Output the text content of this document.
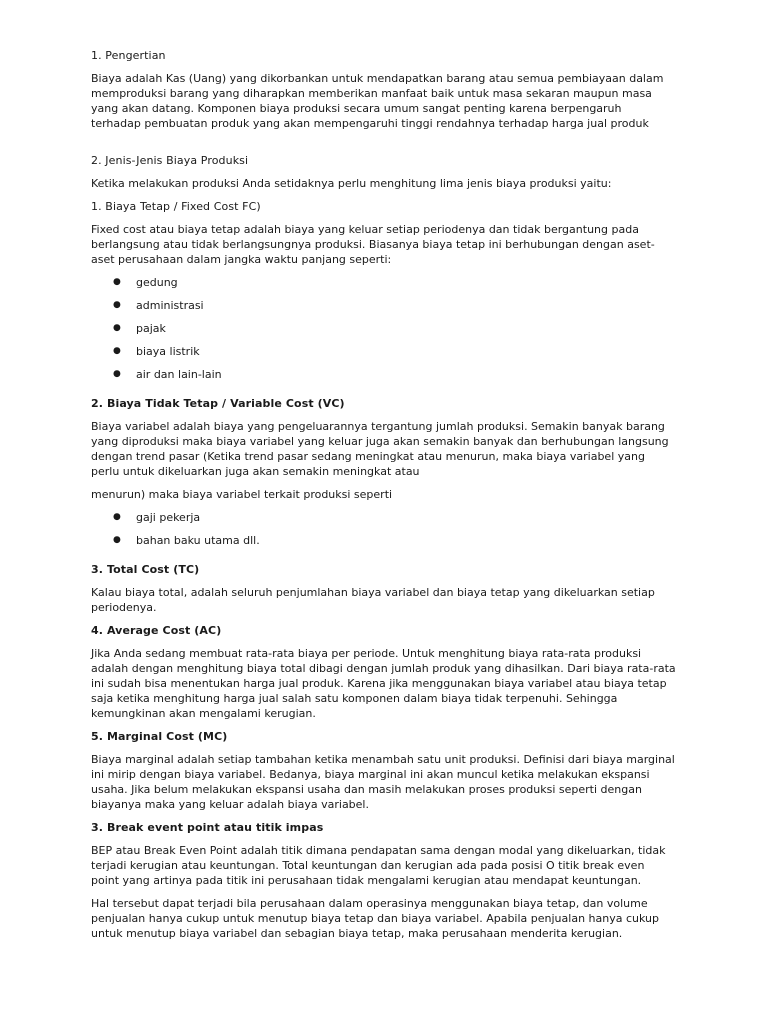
1. Pengertian
Biaya adalah Kas (Uang) yang dikorbankan untuk mendapatkan barang atau semua pembiayaan dalam
memproduksi barang yang diharapkan memberikan manfaat baik untuk masa sekaran maupun masa
yang akan datang. Komponen biaya produksi secara umum sangat penting karena berpengaruh
terhadap pembuatan produk yang akan mempengaruhi tinggi rendahnya terhadap harga jual produk
2. Jenis-Jenis Biaya Produksi
Ketika melakukan produksi Anda setidaknya perlu menghitung lima jenis biaya produksi yaitu:
1. Biaya Tetap / Fixed Cost FC)
Fixed cost atau biaya tetap adalah biaya yang keluar setiap periodenya dan tidak bergantung pada
berlangsung atau tidak berlangsungnya produksi. Biasanya biaya tetap ini berhubungan dengan aset-
aset perusahaan dalam jangka waktu panjang seperti:
● gedung
● administrasi
● pajak
● biaya listrik
● air dan lain-lain
2. Biaya Tidak Tetap / Variable Cost (VC)
Biaya variabel adalah biaya yang pengeluarannya tergantung jumlah produksi. Semakin banyak barang
yang diproduksi maka biaya variabel yang keluar juga akan semakin banyak dan berhubungan langsung
dengan trend pasar (Ketika trend pasar sedang meningkat atau menurun, maka biaya variabel yang
perlu untuk dikeluarkan juga akan semakin meningkat atau
menurun) maka biaya variabel terkait produksi seperti
● gaji pekerja
● bahan baku utama dll.
3. Total Cost (TC)
Kalau biaya total, adalah seluruh penjumlahan biaya variabel dan biaya tetap yang dikeluarkan setiap
periodenya.
4. Average Cost (AC)
Jika Anda sedang membuat rata-rata biaya per periode. Untuk menghitung biaya rata-rata produksi
adalah dengan menghitung biaya total dibagi dengan jumlah produk yang dihasilkan. Dari biaya rata-rata
ini sudah bisa menentukan harga jual produk. Karena jika menggunakan biaya variabel atau biaya tetap
saja ketika menghitung harga jual salah satu komponen dalam biaya tidak terpenuhi. Sehingga
kemungkinan akan mengalami kerugian.
5. Marginal Cost (MC)
Biaya marginal adalah setiap tambahan ketika menambah satu unit produksi. Definisi dari biaya marginal
ini mirip dengan biaya variabel. Bedanya, biaya marginal ini akan muncul ketika melakukan ekspansi
usaha. Jika belum melakukan ekspansi usaha dan masih melakukan proses produksi seperti dengan
biayanya maka yang keluar adalah biaya variabel.
3. Break event point atau titik impas
BEP atau Break Even Point adalah titik dimana pendapatan sama dengan modal yang dikeluarkan, tidak
terjadi kerugian atau keuntungan. Total keuntungan dan kerugian ada pada posisi O titik break even
point yang artinya pada titik ini perusahaan tidak mengalami kerugian atau mendapat keuntungan.
Hal tersebut dapat terjadi bila perusahaan dalam operasinya menggunakan biaya tetap, dan volume
penjualan hanya cukup untuk menutup biaya tetap dan biaya variabel. Apabila penjualan hanya cukup
untuk menutup biaya variabel dan sebagian biaya tetap, maka perusahaan menderita kerugian.
